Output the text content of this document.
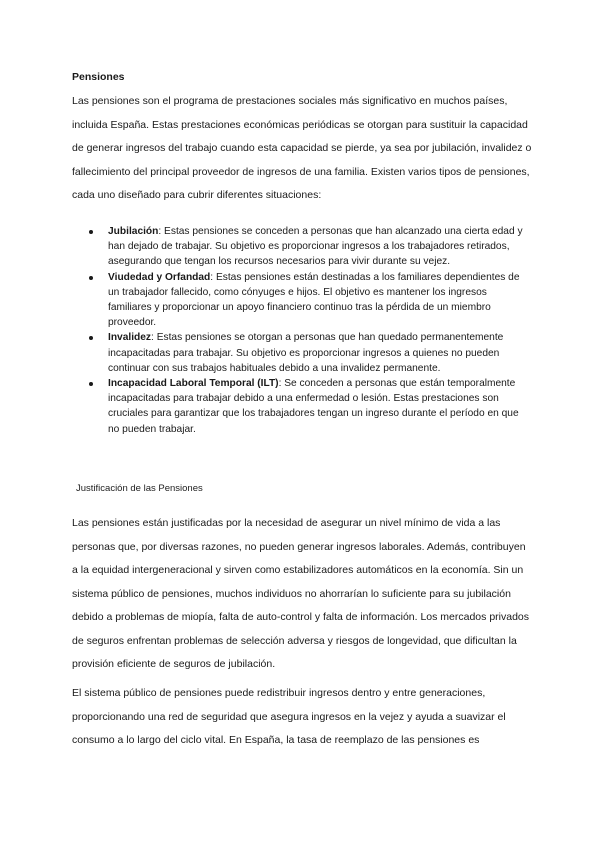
Pensiones

Las pensiones son el programa de prestaciones sociales más significativo en muchos países, incluida España. Estas prestaciones económicas periódicas se otorgan para sustituir la capacidad de generar ingresos del trabajo cuando esta capacidad se pierde, ya sea por jubilación, invalidez o fallecimiento del principal proveedor de ingresos de una familia. Existen varios tipos de pensiones, cada uno diseñado para cubrir diferentes situaciones:

Jubilación: Estas pensiones se conceden a personas que han alcanzado una cierta edad y han dejado de trabajar. Su objetivo es proporcionar ingresos a los trabajadores retirados, asegurando que tengan los recursos necesarios para vivir durante su vejez.
Viudedad y Orfandad: Estas pensiones están destinadas a los familiares dependientes de un trabajador fallecido, como cónyuges e hijos. El objetivo es mantener los ingresos familiares y proporcionar un apoyo financiero continuo tras la pérdida de un miembro proveedor.
Invalidez: Estas pensiones se otorgan a personas que han quedado permanentemente incapacitadas para trabajar. Su objetivo es proporcionar ingresos a quienes no pueden continuar con sus trabajos habituales debido a una invalidez permanente.
Incapacidad Laboral Temporal (ILT): Se conceden a personas que están temporalmente incapacitadas para trabajar debido a una enfermedad o lesión. Estas prestaciones son cruciales para garantizar que los trabajadores tengan un ingreso durante el período en que no pueden trabajar.
Justificación de las Pensiones

Las pensiones están justificadas por la necesidad de asegurar un nivel mínimo de vida a las personas que, por diversas razones, no pueden generar ingresos laborales. Además, contribuyen a la equidad intergeneracional y sirven como estabilizadores automáticos en la economía. Sin un sistema público de pensiones, muchos individuos no ahorrarían lo suficiente para su jubilación debido a problemas de miopía, falta de auto-control y falta de información. Los mercados privados de seguros enfrentan problemas de selección adversa y riesgos de longevidad, que dificultan la provisión eficiente de seguros de jubilación.

El sistema público de pensiones puede redistribuir ingresos dentro y entre generaciones, proporcionando una red de seguridad que asegura ingresos en la vejez y ayuda a suavizar el consumo a lo largo del ciclo vital. En España, la tasa de reemplazo de las pensiones es
